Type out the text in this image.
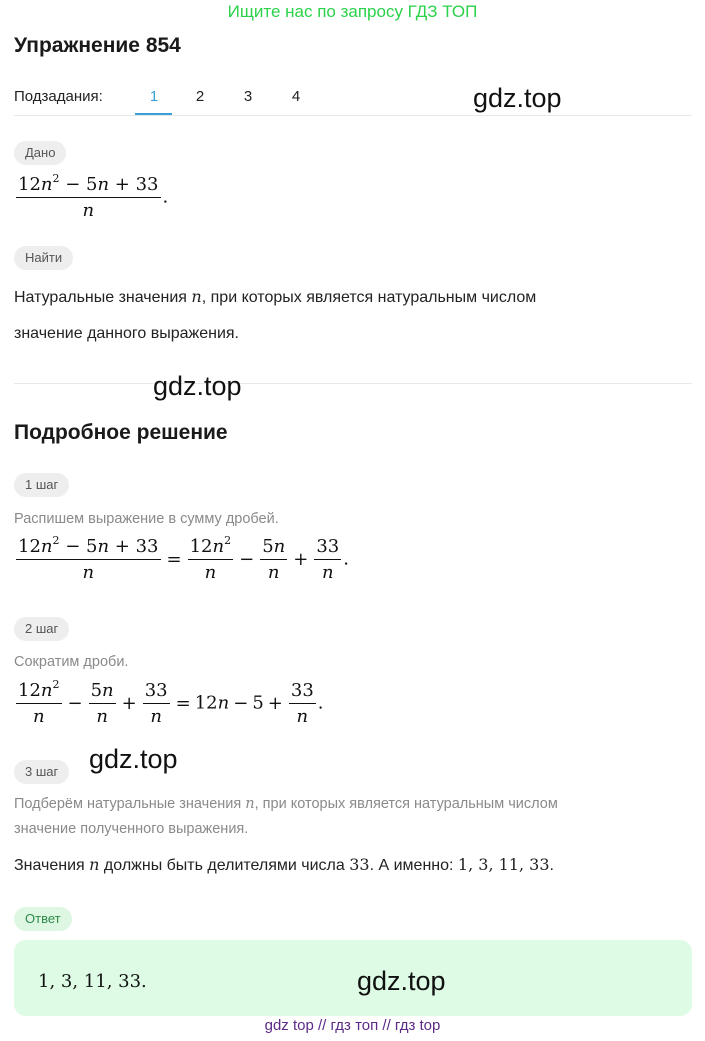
Ищите нас по запросу ГДЗ ТОП
Упражнение 854
Подзадания:	1	2	3	4	gdz.top
Дано
$\frac{12n^2 - 5n + 33}{n}$ .
Найти
Натуральные значения n, при которых является натуральным числом
значение данного выражения.
gdz.top
Подробное решение
1 шаг
Распишем выражение в сумму дробей.
$\frac{12n^2 - 5n + 33}{n} = \frac{12n^2}{n} - \frac{5n}{n} + \frac{33}{n}$ .
2 шаг
Сократим дроби.
$\frac{12n^2}{n} - \frac{5n}{n} + \frac{33}{n} = 12n - 5 + \frac{33}{n}$ .
gdz.top
3 шаг
Подберём натуральные значения n, при которых является натуральным числом
значение полученного выражения.
Значения n должны быть делителями числа 33. А именно: 1, 3, 11, 33.
Ответ
1, 3, 11, 33.	gdz.top
gdz top // гдз топ // гдз top
